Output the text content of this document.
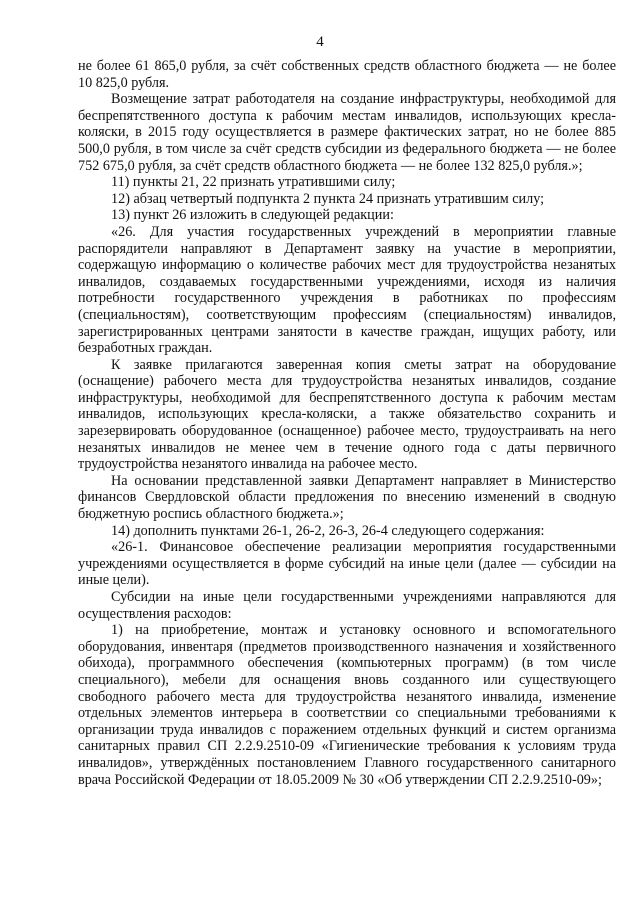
4

не более 61 865,0 рубля, за счёт собственных средств областного бюджета — не более 10 825,0 рубля.

Возмещение затрат работодателя на создание инфраструктуры, необходимой для беспрепятственного доступа к рабочим местам инвалидов, использующих кресла-коляски, в 2015 году осуществляется в размере фактических затрат, но не более 885 500,0 рубля, в том числе за счёт средств субсидии из федерального бюджета — не более 752 675,0 рубля, за счёт средств областного бюджета — не более 132 825,0 рубля.»;

11) пункты 21, 22 признать утратившими силу;

12) абзац четвертый подпункта 2 пункта 24 признать утратившим силу;

13) пункт 26 изложить в следующей редакции:

«26. Для участия государственных учреждений в мероприятии главные распорядители направляют в Департамент заявку на участие в мероприятии, содержащую информацию о количестве рабочих мест для трудоустройства незанятых инвалидов, создаваемых государственными учреждениями, исходя из наличия потребности государственного учреждения в работниках по профессиям (специальностям), соответствующим профессиям (специальностям) инвалидов, зарегистрированных центрами занятости в качестве граждан, ищущих работу, или безработных граждан.

К заявке прилагаются заверенная копия сметы затрат на оборудование (оснащение) рабочего места для трудоустройства незанятых инвалидов, создание инфраструктуры, необходимой для беспрепятственного доступа к рабочим местам инвалидов, использующих кресла-коляски, а также обязательство сохранить и зарезервировать оборудованное (оснащенное) рабочее место, трудоустраивать на него незанятых инвалидов не менее чем в течение одного года с даты первичного трудоустройства незанятого инвалида на рабочее место.

На основании представленной заявки Департамент направляет в Министерство финансов Свердловской области предложения по внесению изменений в сводную бюджетную роспись областного бюджета.»;

14) дополнить пунктами 26-1, 26-2, 26-3, 26-4 следующего содержания:

«26-1. Финансовое обеспечение реализации мероприятия государственными учреждениями осуществляется в форме субсидий на иные цели (далее — субсидии на иные цели).

Субсидии на иные цели государственными учреждениями направляются для осуществления расходов:

1) на приобретение, монтаж и установку основного и вспомогательного оборудования, инвентаря (предметов производственного назначения и хозяйственного обихода), программного обеспечения (компьютерных программ) (в том числе специального), мебели для оснащения вновь созданного или существующего свободного рабочего места для трудоустройства незанятого инвалида, изменение отдельных элементов интерьера в соответствии со специальными требованиями к организации труда инвалидов с поражением отдельных функций и систем организма санитарных правил СП 2.2.9.2510-09 «Гигиенические требования к условиям труда инвалидов», утверждённых постановлением Главного государственного санитарного врача Российской Федерации от 18.05.2009 № 30 «Об утверждении СП 2.2.9.2510-09»;
